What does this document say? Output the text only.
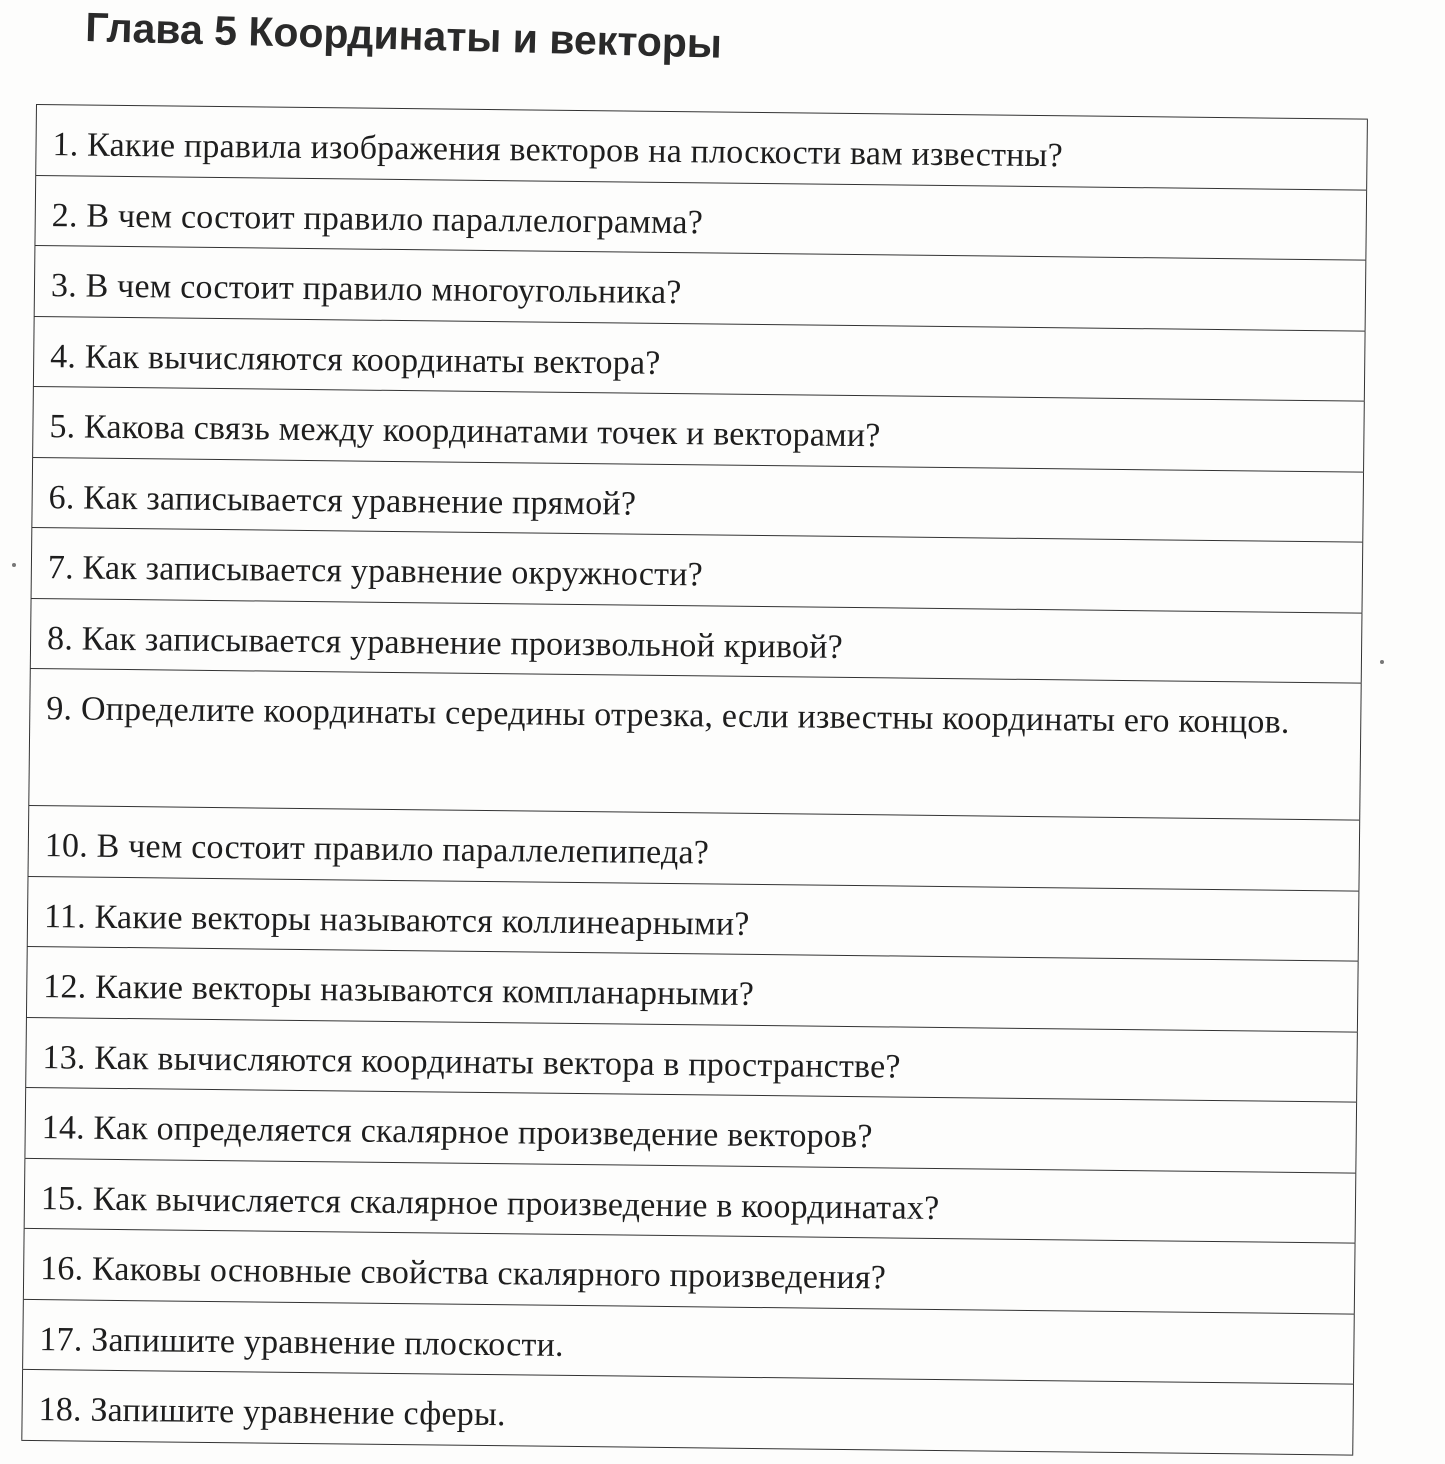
Глава 5 Координаты и векторы
1. Какие правила изображения векторов на плоскости вам известны?
2. В чем состоит правило параллелограмма?
3. В чем состоит правило многоугольника?
4. Как вычисляются координаты вектора?
5. Какова связь между координатами точек и векторами?
6. Как записывается уравнение прямой?
7. Как записывается уравнение окружности?
8. Как записывается уравнение произвольной кривой?
9. Определите координаты середины отрезка, если известны координаты его концов.
10. В чем состоит правило параллелепипеда?
11. Какие векторы называются коллинеарными?
12. Какие векторы называются компланарными?
13. Как вычисляются координаты вектора в пространстве?
14. Как определяется скалярное произведение векторов?
15. Как вычисляется скалярное произведение в координатах?
16. Каковы основные свойства скалярного произведения?
17. Запишите уравнение плоскости.
18. Запишите уравнение сферы.
